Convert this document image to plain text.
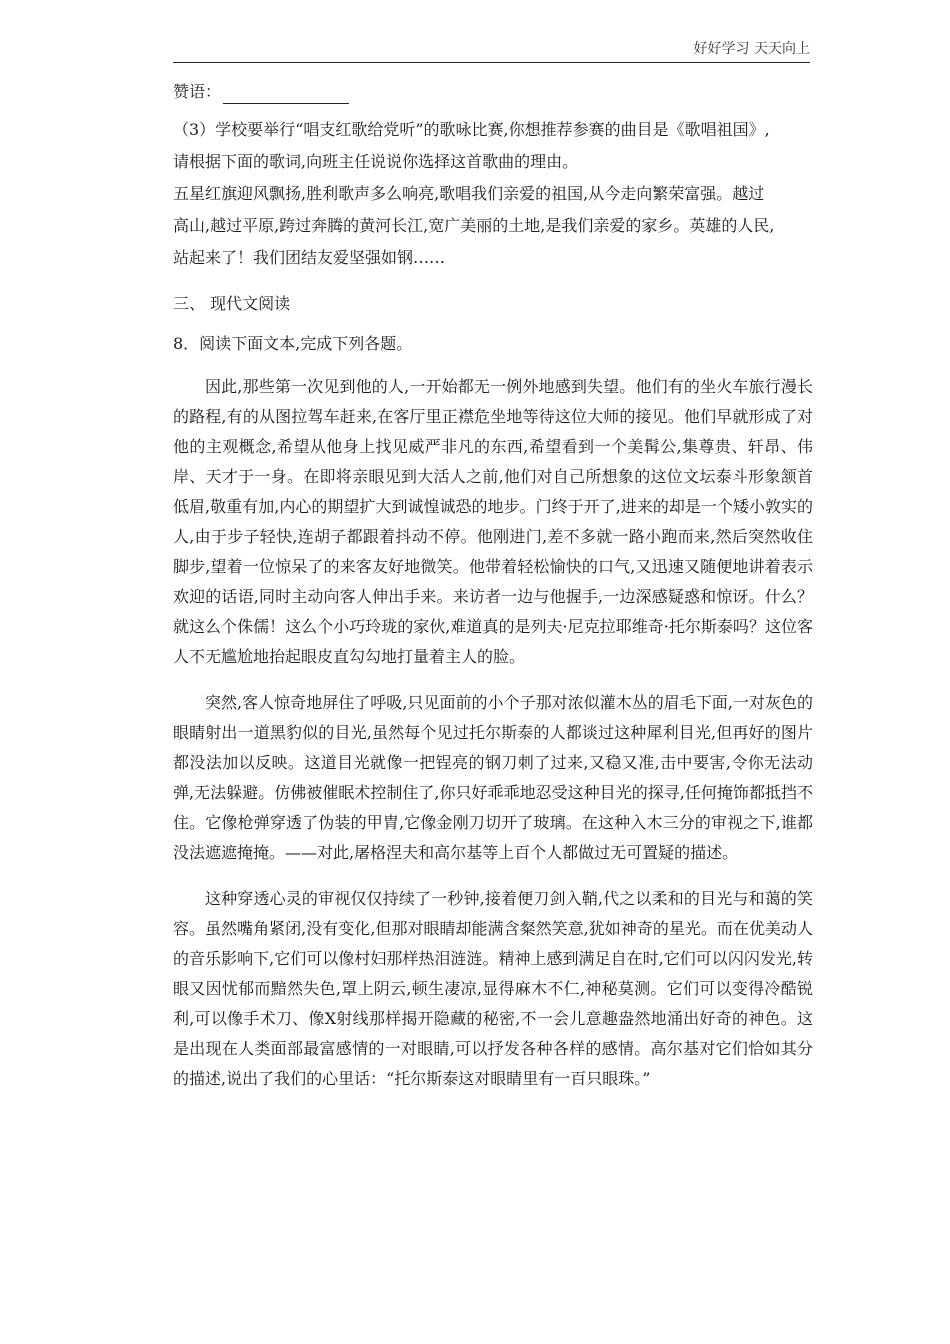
好好学习 天天向上
赞语：

（3）学校要举行“唱支红歌给党听”的歌咏比赛,你想推荐参赛的曲目是《歌唱祖国》,

请根据下面的歌词,向班主任说说你选择这首歌曲的理由。

五星红旗迎风飘扬,胜利歌声多么响亮,歌唱我们亲爱的祖国,从今走向繁荣富强。越过

高山,越过平原,跨过奔腾的黄河长江,宽广美丽的土地,是我们亲爱的家乡。英雄的人民,

站起来了！我们团结友爱坚强如钢……

三、 现代文阅读
8．阅读下面文本,完成下列各题。

因此,那些第一次见到他的人,一开始都无一例外地感到失望。他们有的坐火车旅行漫长的路程,有的从图拉驾车赶来,在客厅里正襟危坐地等待这位大师的接见。他们早就形成了对他的主观概念,希望从他身上找见威严非凡的东西,希望看到一个美髯公,集尊贵、轩昂、伟岸、天才于一身。在即将亲眼见到大活人之前,他们对自己所想象的这位文坛泰斗形象颔首低眉,敬重有加,内心的期望扩大到诚惶诚恐的地步。门终于开了,进来的却是一个矮小敦实的人,由于步子轻快,连胡子都跟着抖动不停。他刚进门,差不多就一路小跑而来,然后突然收住脚步,望着一位惊呆了的来客友好地微笑。他带着轻松愉快的口气,又迅速又随便地讲着表示欢迎的话语,同时主动向客人伸出手来。来访者一边与他握手,一边深感疑惑和惊讶。什么？就这么个侏儒！这么个小巧玲珑的家伙,难道真的是列夫·尼克拉耶维奇·托尔斯泰吗？这位客人不无尴尬地抬起眼皮直勾勾地打量着主人的脸。

突然,客人惊奇地屏住了呼吸,只见面前的小个子那对浓似灌木丛的眉毛下面,一对灰色的眼睛射出一道黑豹似的目光,虽然每个见过托尔斯泰的人都谈过这种犀利目光,但再好的图片都没法加以反映。这道目光就像一把锃亮的钢刀刺了过来,又稳又准,击中要害,令你无法动弹,无法躲避。仿佛被催眠术控制住了,你只好乖乖地忍受这种目光的探寻,任何掩饰都抵挡不住。它像枪弹穿透了伪装的甲胄,它像金刚刀切开了玻璃。在这种入木三分的审视之下,谁都没法遮遮掩掩。——对此,屠格涅夫和高尔基等上百个人都做过无可置疑的描述。

这种穿透心灵的审视仅仅持续了一秒钟,接着便刀剑入鞘,代之以柔和的目光与和蔼的笑容。虽然嘴角紧闭,没有变化,但那对眼睛却能满含粲然笑意,犹如神奇的星光。而在优美动人的音乐影响下,它们可以像村妇那样热泪涟涟。精神上感到满足自在时,它们可以闪闪发光,转眼又因忧郁而黯然失色,罩上阴云,顿生凄凉,显得麻木不仁,神秘莫测。它们可以变得冷酷锐利,可以像手术刀、像X射线那样揭开隐藏的秘密,不一会儿意趣盎然地涌出好奇的神色。这是出现在人类面部最富感情的一对眼睛,可以抒发各种各样的感情。高尔基对它们恰如其分的描述,说出了我们的心里话：“托尔斯泰这对眼睛里有一百只眼珠。”
